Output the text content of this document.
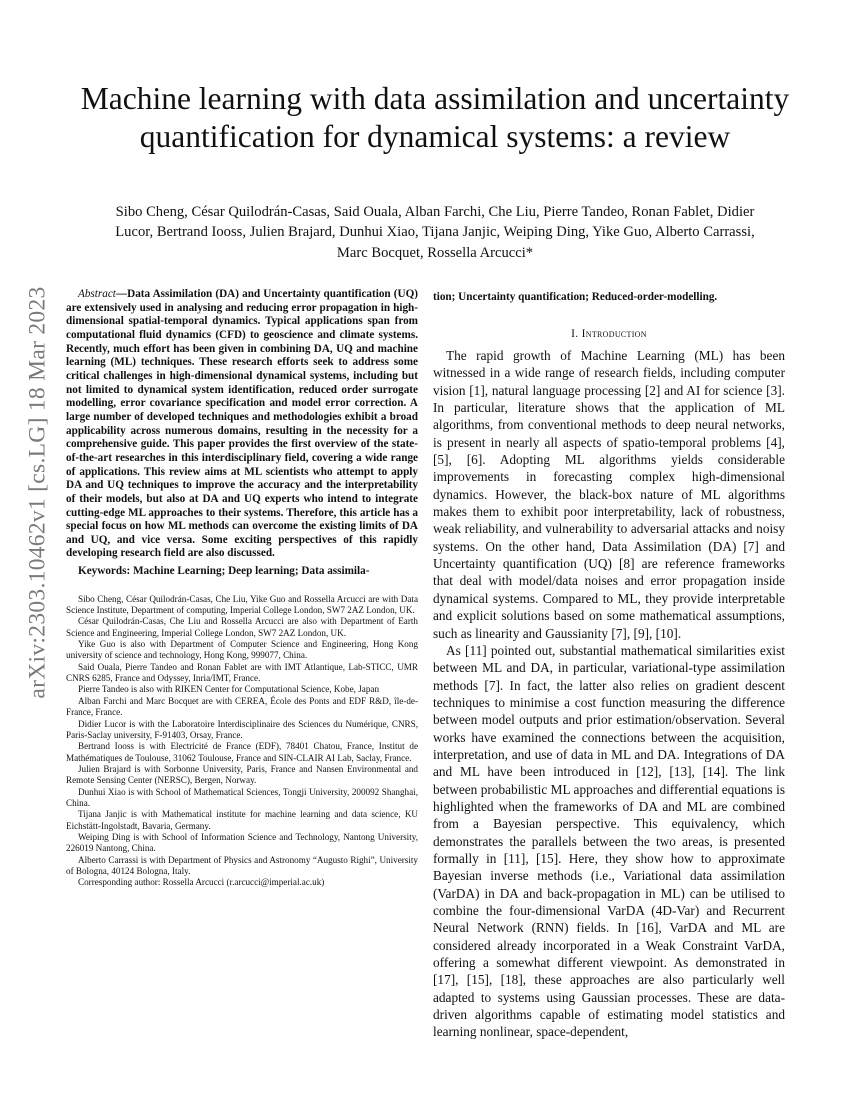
arXiv:2303.10462v1 [cs.LG] 18 Mar 2023
Machine learning with data assimilation and uncertainty quantification for dynamical systems: a review
Sibo Cheng, César Quilodrán-Casas, Said Ouala, Alban Farchi, Che Liu, Pierre Tandeo, Ronan Fablet, Didier Lucor, Bertrand Iooss, Julien Brajard, Dunhui Xiao, Tijana Janjic, Weiping Ding, Yike Guo, Alberto Carrassi, Marc Bocquet, Rossella Arcucci*

Abstract—Data Assimilation (DA) and Uncertainty quantification (UQ) are extensively used in analysing and reducing error propagation in high-dimensional spatial-temporal dynamics. Typical applications span from computational fluid dynamics (CFD) to geoscience and climate systems. Recently, much effort has been given in combining DA, UQ and machine learning (ML) techniques. These research efforts seek to address some critical challenges in high-dimensional dynamical systems, including but not limited to dynamical system identification, reduced order surrogate modelling, error covariance specification and model error correction. A large number of developed techniques and methodologies exhibit a broad applicability across numerous domains, resulting in the necessity for a comprehensive guide. This paper provides the first overview of the state-of-the-art researches in this interdisciplinary field, covering a wide range of applications. This review aims at ML scientists who attempt to apply DA and UQ techniques to improve the accuracy and the interpretability of their models, but also at DA and UQ experts who intend to integrate cutting-edge ML approaches to their systems. Therefore, this article has a special focus on how ML methods can overcome the existing limits of DA and UQ, and vice versa. Some exciting perspectives of this rapidly developing research field are also discussed.

Keywords: Machine Learning; Deep learning; Data assimila-

Sibo Cheng, César Quilodrán-Casas, Che Liu, Yike Guo and Rossella Arcucci are with Data Science Institute, Department of computing, Imperial College London, SW7 2AZ London, UK.

César Quilodrán-Casas, Che Liu and Rossella Arcucci are also with Department of Earth Science and Engineering, Imperial College London, SW7 2AZ London, UK.

Yike Guo is also with Department of Computer Science and Engineering, Hong Kong university of science and technology, Hong Kong, 999077, China.

Said Ouala, Pierre Tandeo and Ronan Fablet are with IMT Atlantique, Lab-STICC, UMR CNRS 6285, France and Odyssey, Inria/IMT, France.

Pierre Tandeo is also with RIKEN Center for Computational Science, Kobe, Japan

Alban Farchi and Marc Bocquet are with CEREA, École des Ponts and EDF R&D, île-de-France, France.

Didier Lucor is with the Laboratoire Interdisciplinaire des Sciences du Numérique, CNRS, Paris-Saclay university, F-91403, Orsay, France.

Bertrand Iooss is with Electricité de France (EDF), 78401 Chatou, France, Institut de Mathématiques de Toulouse, 31062 Toulouse, France and SIN-CLAIR AI Lab, Saclay, France.

Julien Brajard is with Sorbonne University, Paris, France and Nansen Environmental and Remote Sensing Center (NERSC), Bergen, Norway.

Dunhui Xiao is with School of Mathematical Sciences, Tongji University, 200092 Shanghai, China.

Tijana Janjic is with Mathematical institute for machine learning and data science, KU Eichstätt-Ingolstadt, Bavaria, Germany.

Weiping Ding is with School of Information Science and Technology, Nantong University, 226019 Nantong, China.

Alberto Carrassi is with Department of Physics and Astronomy “Augusto Righi”, University of Bologna, 40124 Bologna, Italy.

Corresponding author: Rossella Arcucci (r.arcucci@imperial.ac.uk)

tion; Uncertainty quantification; Reduced-order-modelling.

I. Introduction

The rapid growth of Machine Learning (ML) has been witnessed in a wide range of research fields, including computer vision [1], natural language processing [2] and AI for science [3]. In particular, literature shows that the application of ML algorithms, from conventional methods to deep neural networks, is present in nearly all aspects of spatio-temporal problems [4], [5], [6]. Adopting ML algorithms yields considerable improvements in forecasting complex high-dimensional dynamics. However, the black-box nature of ML algorithms makes them to exhibit poor interpretability, lack of robustness, weak reliability, and vulnerability to adversarial attacks and noisy systems. On the other hand, Data Assimilation (DA) [7] and Uncertainty quantification (UQ) [8] are reference frameworks that deal with model/data noises and error propagation inside dynamical systems. Compared to ML, they provide interpretable and explicit solutions based on some mathematical assumptions, such as linearity and Gaussianity [7], [9], [10].

As [11] pointed out, substantial mathematical similarities exist between ML and DA, in particular, variational-type assimilation methods [7]. In fact, the latter also relies on gradient descent techniques to minimise a cost function measuring the difference between model outputs and prior estimation/observation. Several works have examined the connections between the acquisition, interpretation, and use of data in ML and DA. Integrations of DA and ML have been introduced in [12], [13], [14]. The link between probabilistic ML approaches and differential equations is highlighted when the frameworks of DA and ML are combined from a Bayesian perspective. This equivalency, which demonstrates the parallels between the two areas, is presented formally in [11], [15]. Here, they show how to approximate Bayesian inverse methods (i.e., Variational data assimilation (VarDA) in DA and back-propagation in ML) can be utilised to combine the four-dimensional VarDA (4D-Var) and Recurrent Neural Network (RNN) fields. In [16], VarDA and ML are considered already incorporated in a Weak Constraint VarDA, offering a somewhat different viewpoint. As demonstrated in [17], [15], [18], these approaches are also particularly well adapted to systems using Gaussian processes. These are data-driven algorithms capable of estimating model statistics and learning nonlinear, space-dependent,
